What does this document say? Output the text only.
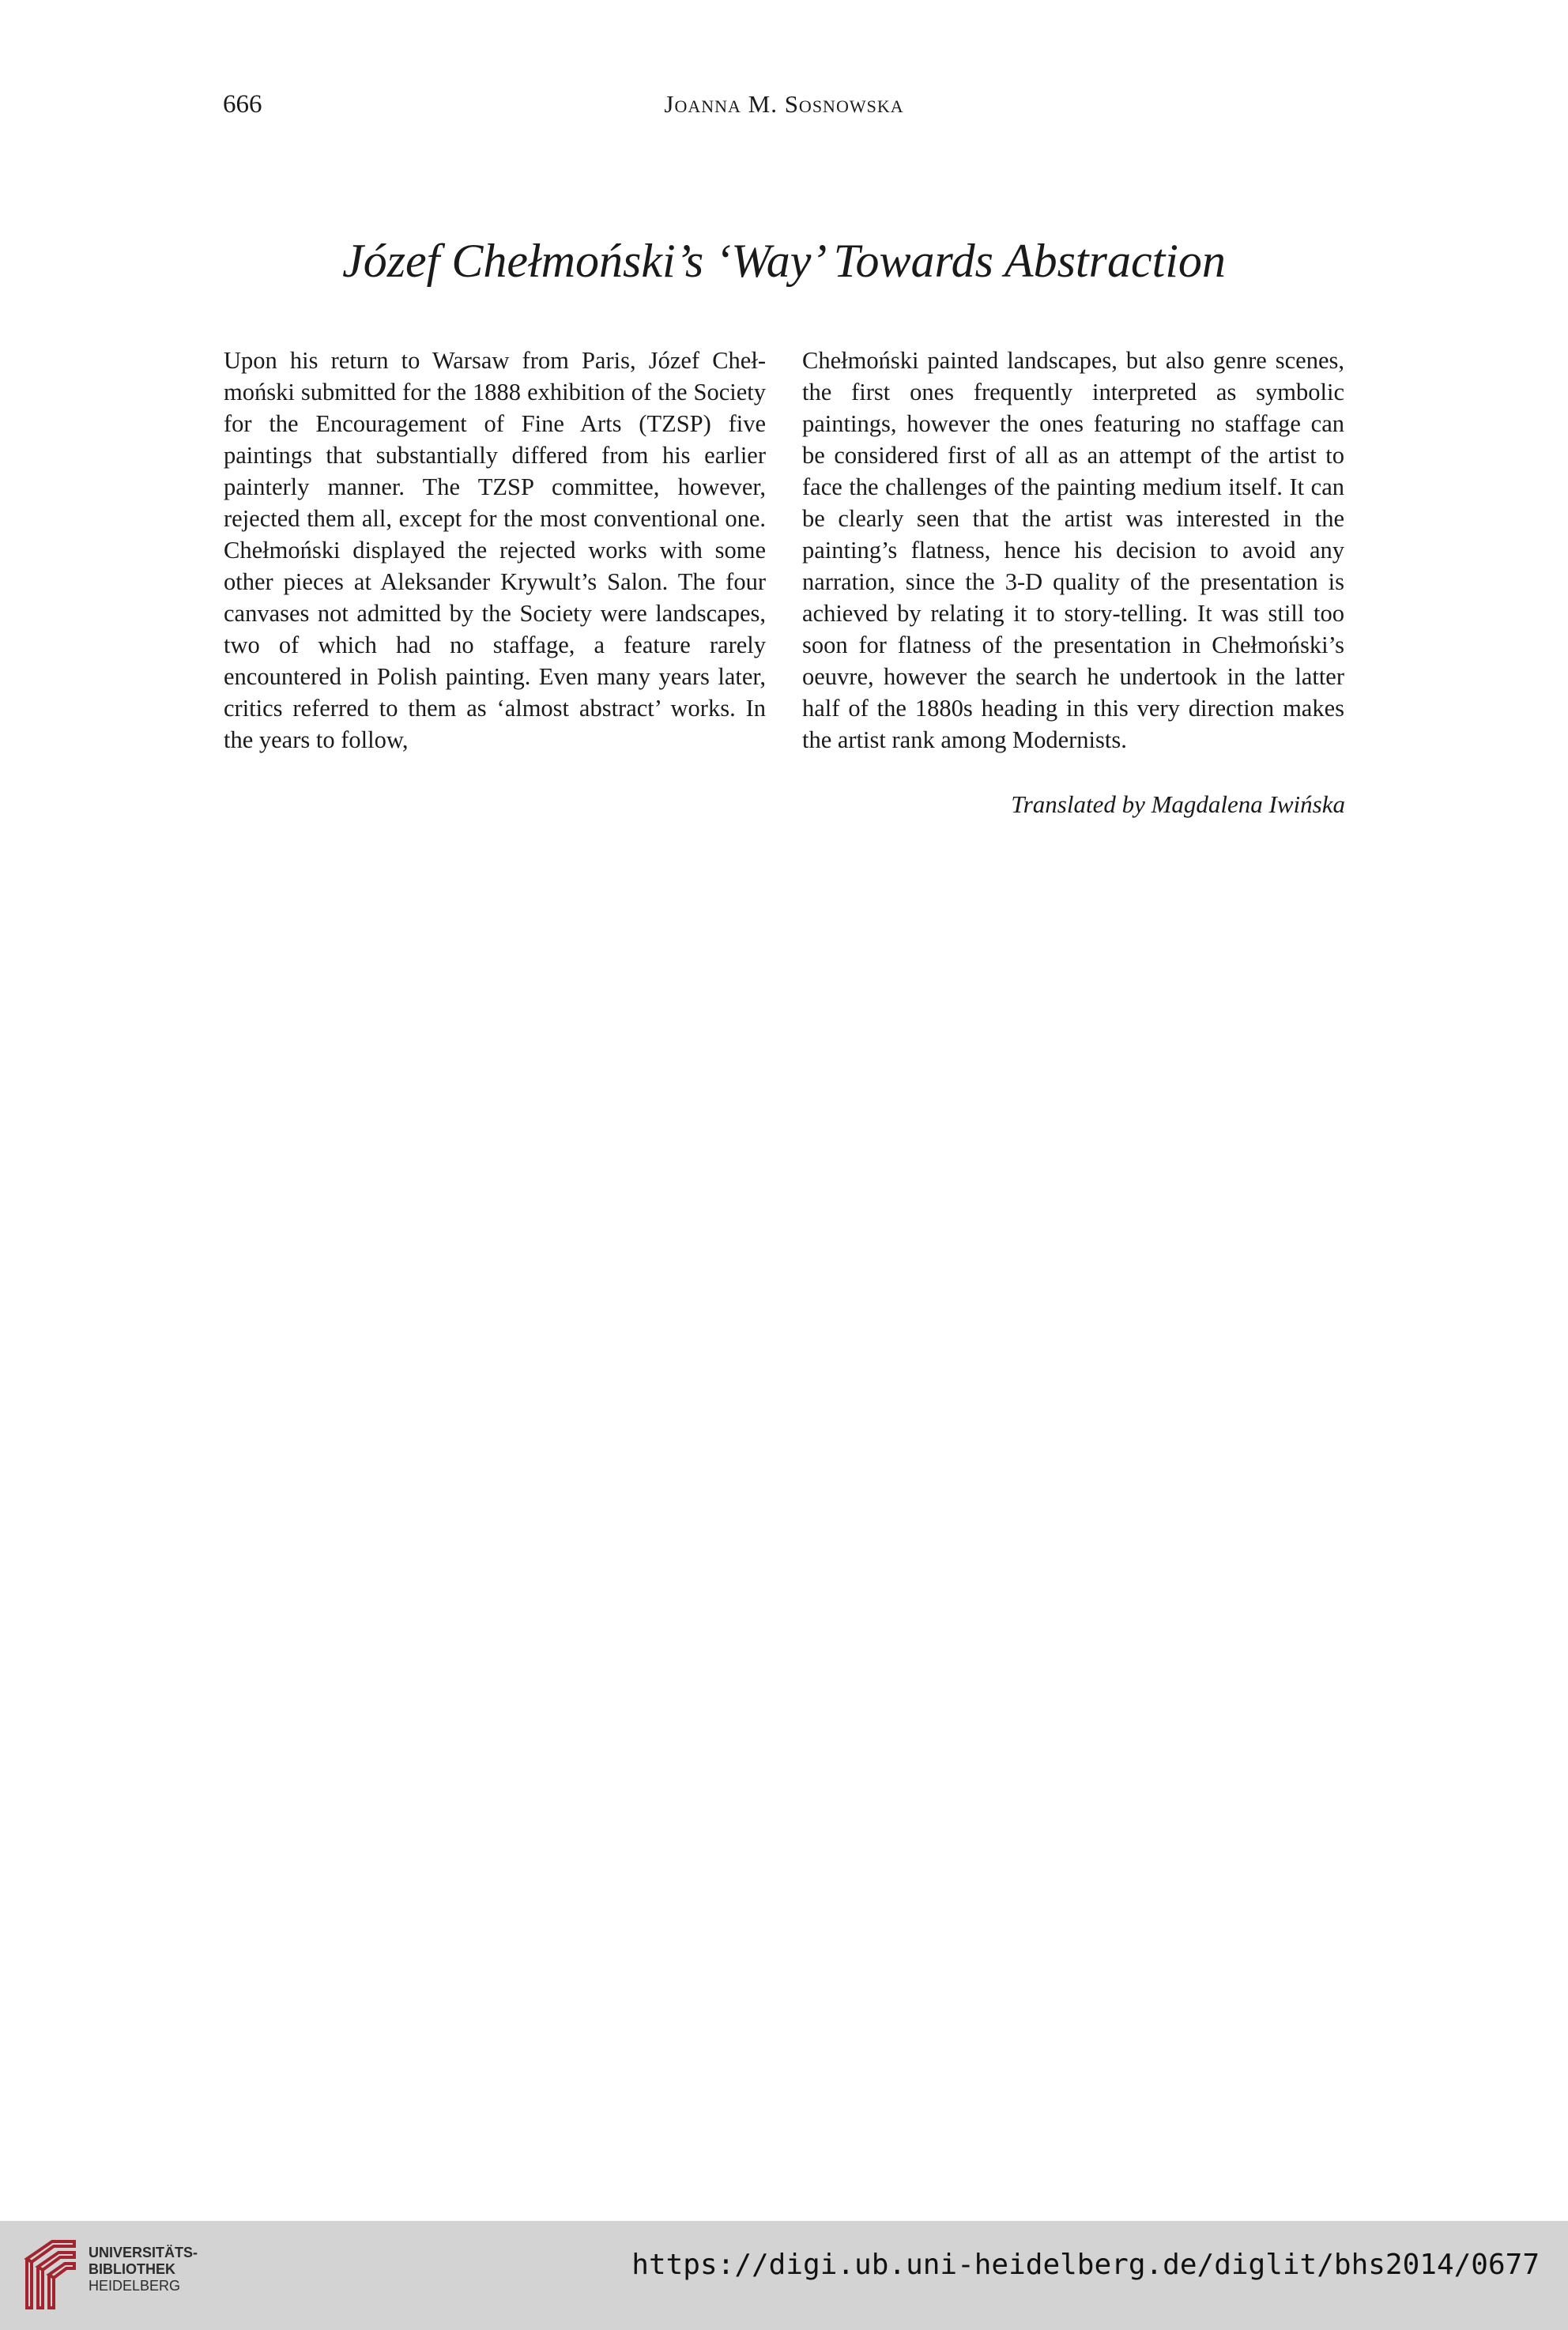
666	Joanna M. Sosnowska
Józef Chełmoński’s ‘Way’ Towards Abstraction

Upon his return to Warsaw from Paris, Józef Chełmoński submitted for the 1888 exhibition of the Society for the Encouragement of Fine Arts (TZSP) five paintings that substantially differed from his earlier painterly manner. The TZSP committee, however, rejected them all, except for the most conventional one. Chełmoński displayed the rejected works with some other pieces at Aleksander Krywult’s Salon. The four canvases not admitted by the Society were landscapes, two of which had no staffage, a feature rarely encountered in Polish painting. Even many years later, critics referred to them as ‘almost abstract’ works. In the years to follow,

Chełmoński painted landscapes, but also genre scenes, the first ones frequently interpreted as symbolic paintings, however the ones featuring no staffage can be considered first of all as an attempt of the artist to face the challenges of the painting medium itself. It can be clearly seen that the artist was interested in the painting’s flatness, hence his decision to avoid any narration, since the 3-D quality of the presentation is achieved by relating it to story-telling. It was still too soon for flatness of the presentation in Chełmoński’s oeuvre, however the search he undertook in the latter half of the 1880s heading in this very direction makes the artist rank among Modernists.

Translated by Magdalena Iwińska
UNIVERSITÄTS-
BIBLIOTHEK
HEIDELBERG
https://digi.ub.uni-heidelberg.de/diglit/bhs2014/0677
